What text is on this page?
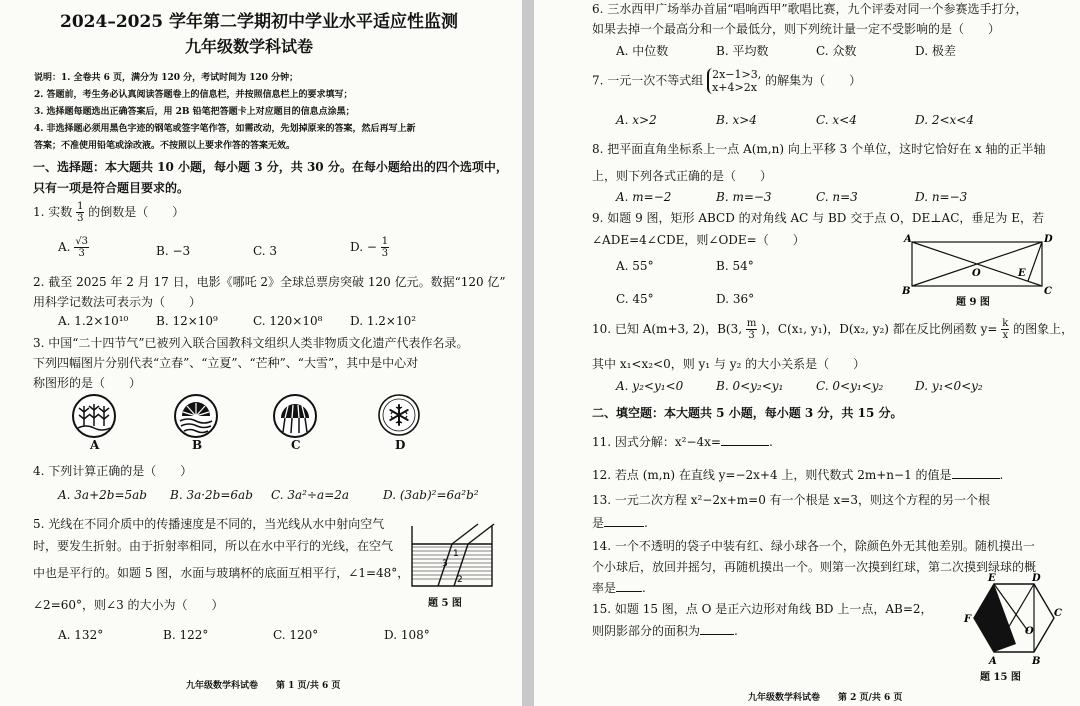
2024–2025 学年第二学期初中学业水平适应性监测
九年级数学科试卷
说明：1. 全卷共 6 页，满分为 120 分，考试时间为 120 分钟；
2. 答题前，考生务必认真阅读答题卷上的信息栏，并按照信息栏上的要求填写；
3. 选择题每题选出正确答案后，用 2B 铅笔把答题卡上对应题目的信息点涂黑；
4. 非选择题必须用黑色字迹的钢笔或签字笔作答，如需改动，先划掉原来的答案，然后再写上新
答案；不准使用铅笔或涂改液。不按照以上要求作答的答案无效。
一、选择题：本大题共 10 小题，每小题 3 分，共 30 分。在每小题给出的四个选项中，
只有一项是符合题目要求的。
1. 实数 $\frac{1}{3}$ 的倒数是（　　）
A. $\frac{√3}{3}$	B. −3	C. 3	D. − $\frac{1}{3}$
2. 截至 2025 年 2 月 17 日，电影《哪吒 2》全球总票房突破 120 亿元。数据“120 亿”
用科学记数法可表示为（　　）
A. 1.2×10¹⁰ B. 12×10⁹	C. 120×10⁸ D. 1.2×10²
3. 中国“二十四节气”已被列入联合国教科文组织人类非物质文化遗产代表作名录。
下列四幅图片分别代表“立春”、“立夏”、“芒种”、“大雪”，其中是中心对
称图形的是（　　）
A	B	C	D
4. 下列计算正确的是（　　）
A. 3a+2b=5ab B. 3a·2b=6ab C. 3a²÷a=2a	D. (3ab)²=6a²b²
5. 光线在不同介质中的传播速度是不同的，当光线从水中射向空气
时，要发生折射。由于折射率相同，所以在水中平行的光线，在空气
中也是平行的。如题 5 图，水面与玻璃杯的底面互相平行，∠1=48°，
∠2=60°，则∠3 的大小为（　　）
1
3
2
题 5 图
A. 132°	B. 122°	C. 120°	D. 108°
九年级数学科试卷　　第 1 页/共 6 页
6. 三水西甲广场举办首届“唱响西甲”歌唱比赛，九个评委对同一个参赛选手打分，
如果去掉一个最高分和一个最低分，则下列统计量一定不受影响的是（　　）
A. 中位数	B. 平均数	C. 众数	D. 极差
7. 一元一次不等式组 2x−1>3,
x+4>2x 的解集为（　　）
A. x>2	B. x>4	C. x<4	D. 2<x<4
8. 把平面直角坐标系上一点 A(m,n) 向上平移 3 个单位，这时它恰好在 x 轴的正半轴
上，则下列各式正确的是（　　）
A. m=−2	B. m=−3	C. n=3	D. n=−3
9. 如题 9 图，矩形 ABCD 的对角线 AC 与 BD 交于点 O，DE⊥AC，垂足为 E，若
∠ADE=4∠CDE，则∠ODE=（　　）
A. 55°	B. 54°
C. 45°	D. 36°
A	D
O	E
B	C
题 9 图
10. 已知 A(m+3, 2)，B(3, $\frac{m}{3}$ )，C(x₁, y₁)，D(x₂, y₂) 都在反比例函数 $y= \frac{k}{x}$ 的图象上，
其中 x₁<x₂<0，则 y₁ 与 y₂ 的大小关系是（　　）
A. y₂<y₁<0	B. 0<y₂<y₁	C. 0<y₁<y₂	D. y₁<0<y₂
二、填空题：本大题共 5 小题，每小题 3 分，共 15 分。
11. 因式分解：x²−4x=	.
12. 若点 (m,n) 在直线 y=−2x+4 上，则代数式 2m+n−1 的值是	.
13. 一元二次方程 x²−2x+m=0 有一个根是 x=3，则这个方程的另一个根
是	.
14. 一个不透明的袋子中装有红、绿小球各一个，除颜色外无其他差别。随机摸出一
个小球后，放回并摇匀，再随机摸出一个。则第一次摸到红球，第二次摸到绿球的概
率是 .
15. 如题 15 图，点 O 是正六边形对角线 BD 上一点，AB=2，
则阴影部分的面积为	.
E	D
F
C
O
A	B
题 15 图
九年级数学科试卷　　第 2 页/共 6 页
